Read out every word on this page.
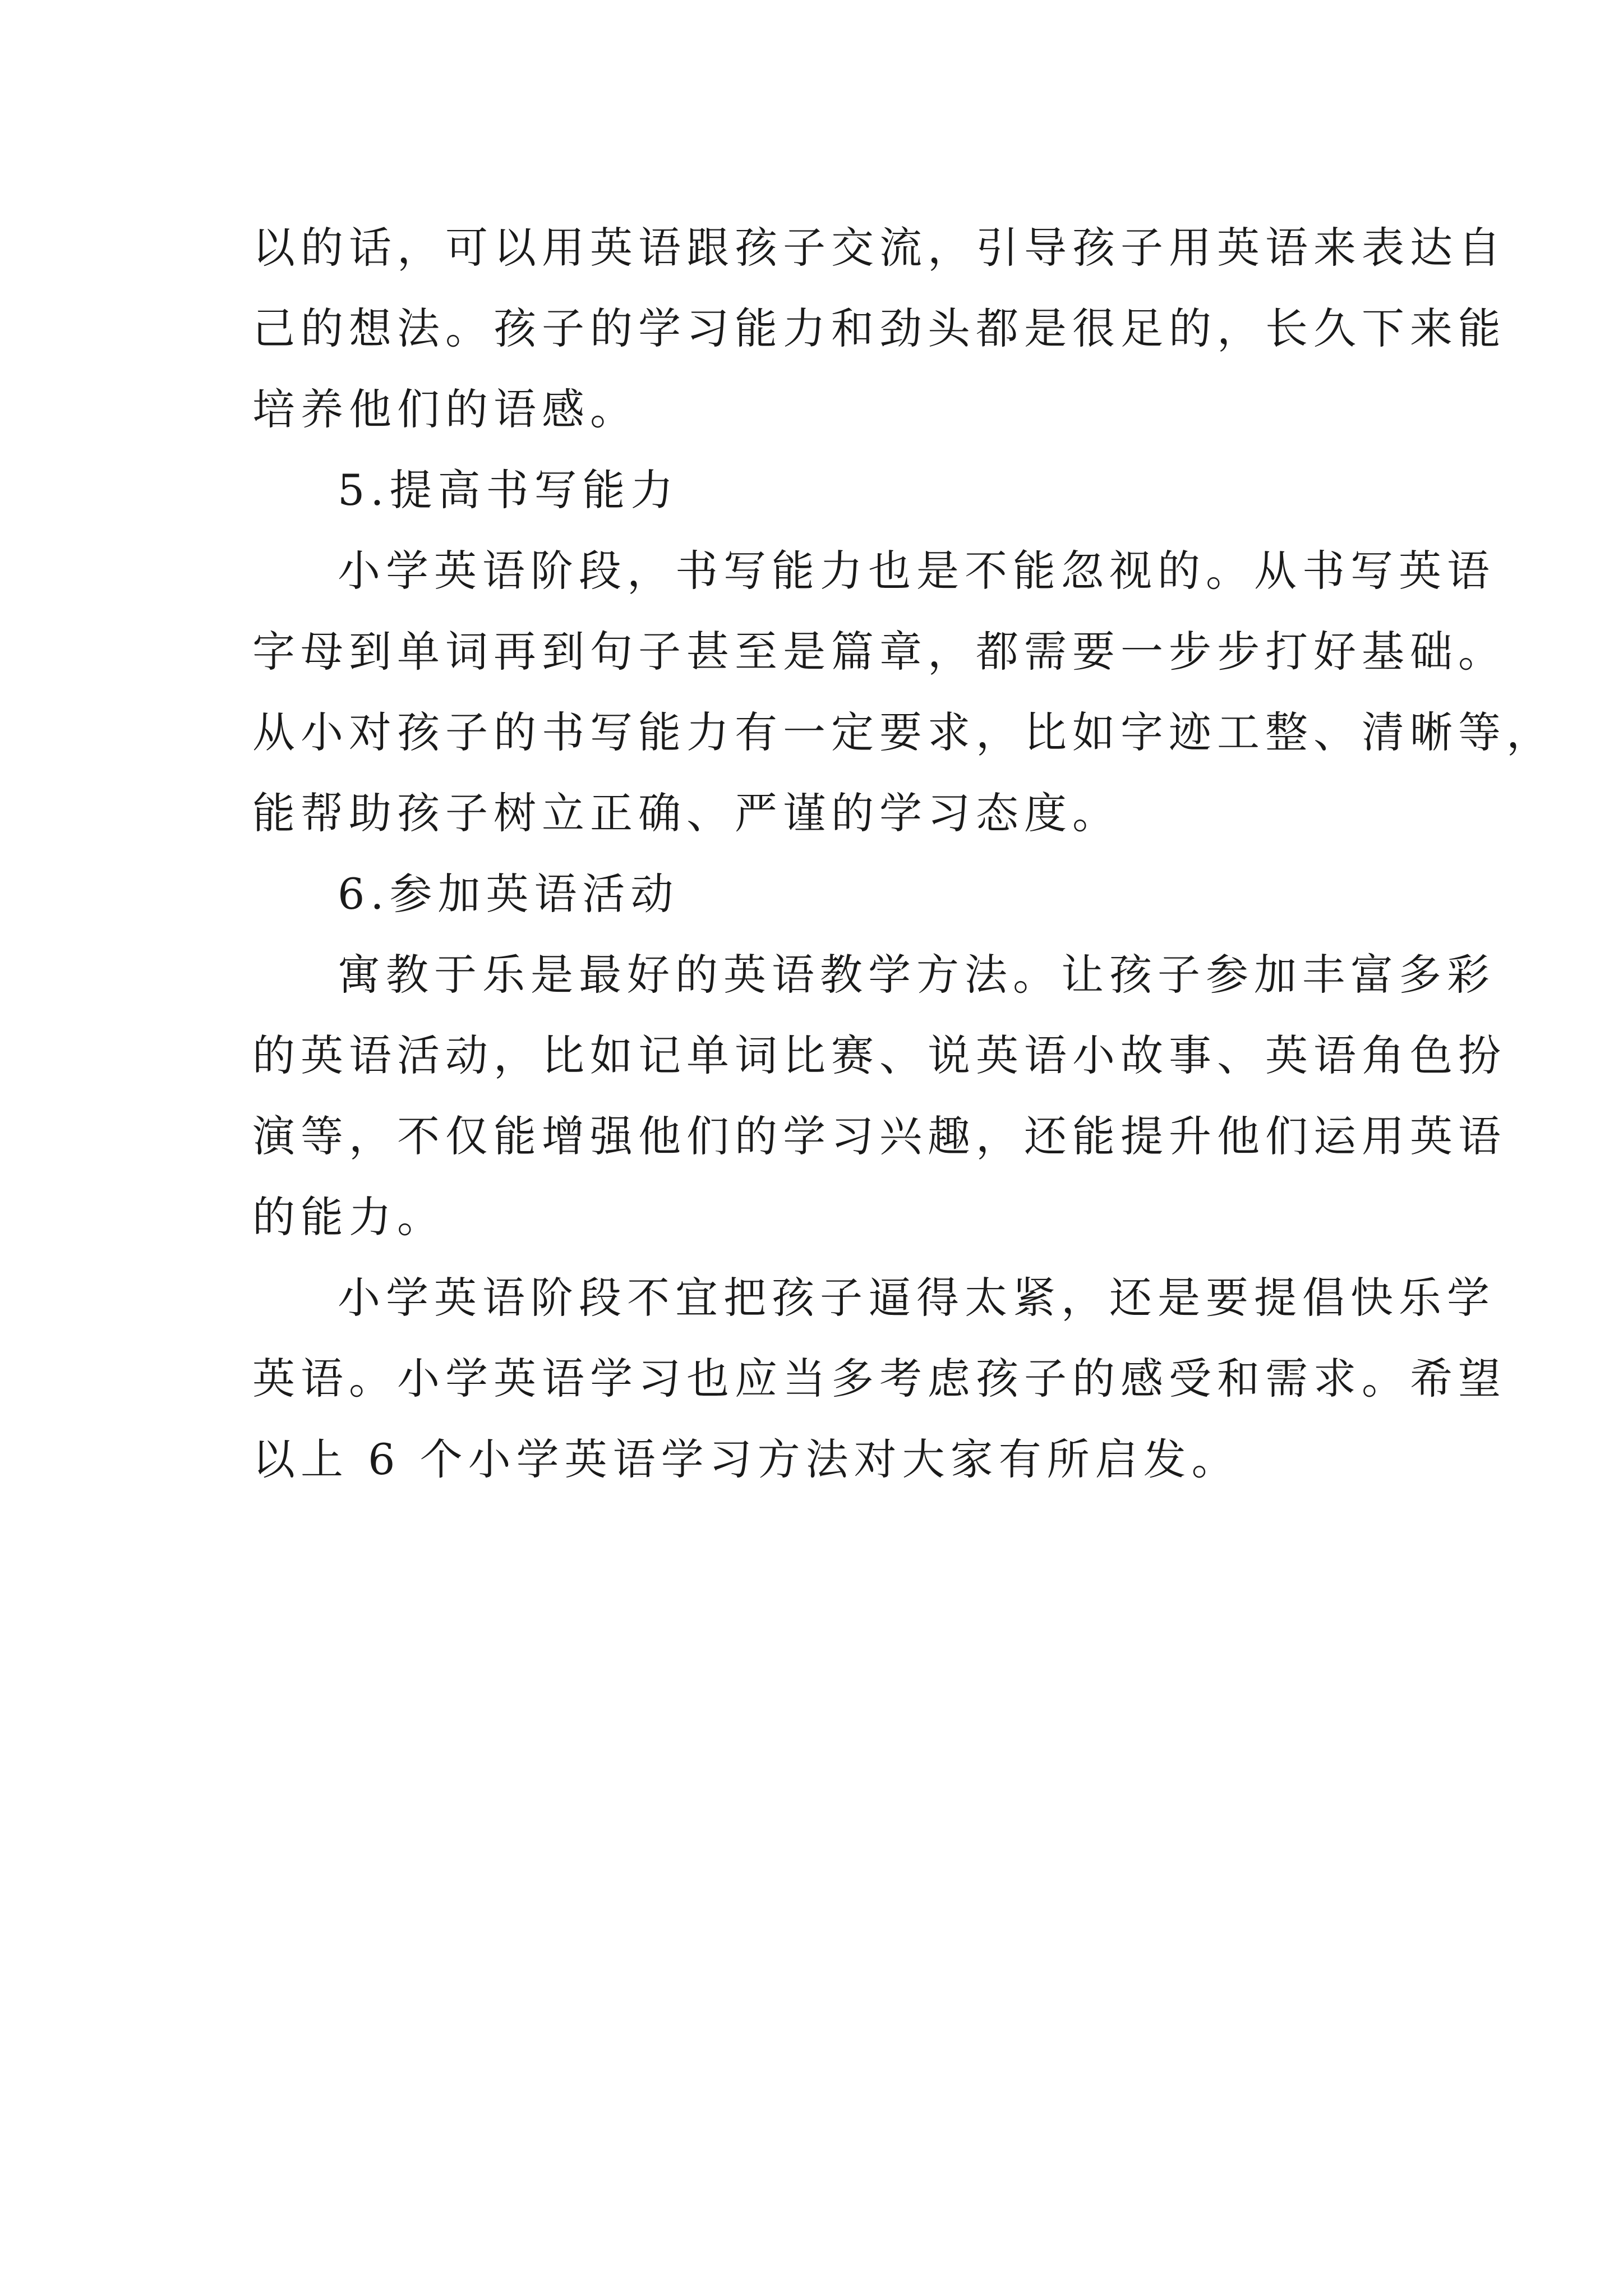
以的话，可以用英语跟孩子交流，引导孩子用英语来表达自
己的想法。孩子的学习能力和劲头都是很足的，长久下来能
培养他们的语感。
5.提高书写能力
小学英语阶段，书写能力也是不能忽视的。从书写英语
字母到单词再到句子甚至是篇章，都需要一步步打好基础。
从小对孩子的书写能力有一定要求，比如字迹工整、清晰等，
能帮助孩子树立正确、严谨的学习态度。
6.参加英语活动
寓教于乐是最好的英语教学方法。让孩子参加丰富多彩
的英语活动，比如记单词比赛、说英语小故事、英语角色扮
演等，不仅能增强他们的学习兴趣，还能提升他们运用英语
的能力。
小学英语阶段不宜把孩子逼得太紧，还是要提倡快乐学
英语。小学英语学习也应当多考虑孩子的感受和需求。希望
以上 6 个小学英语学习方法对大家有所启发。
